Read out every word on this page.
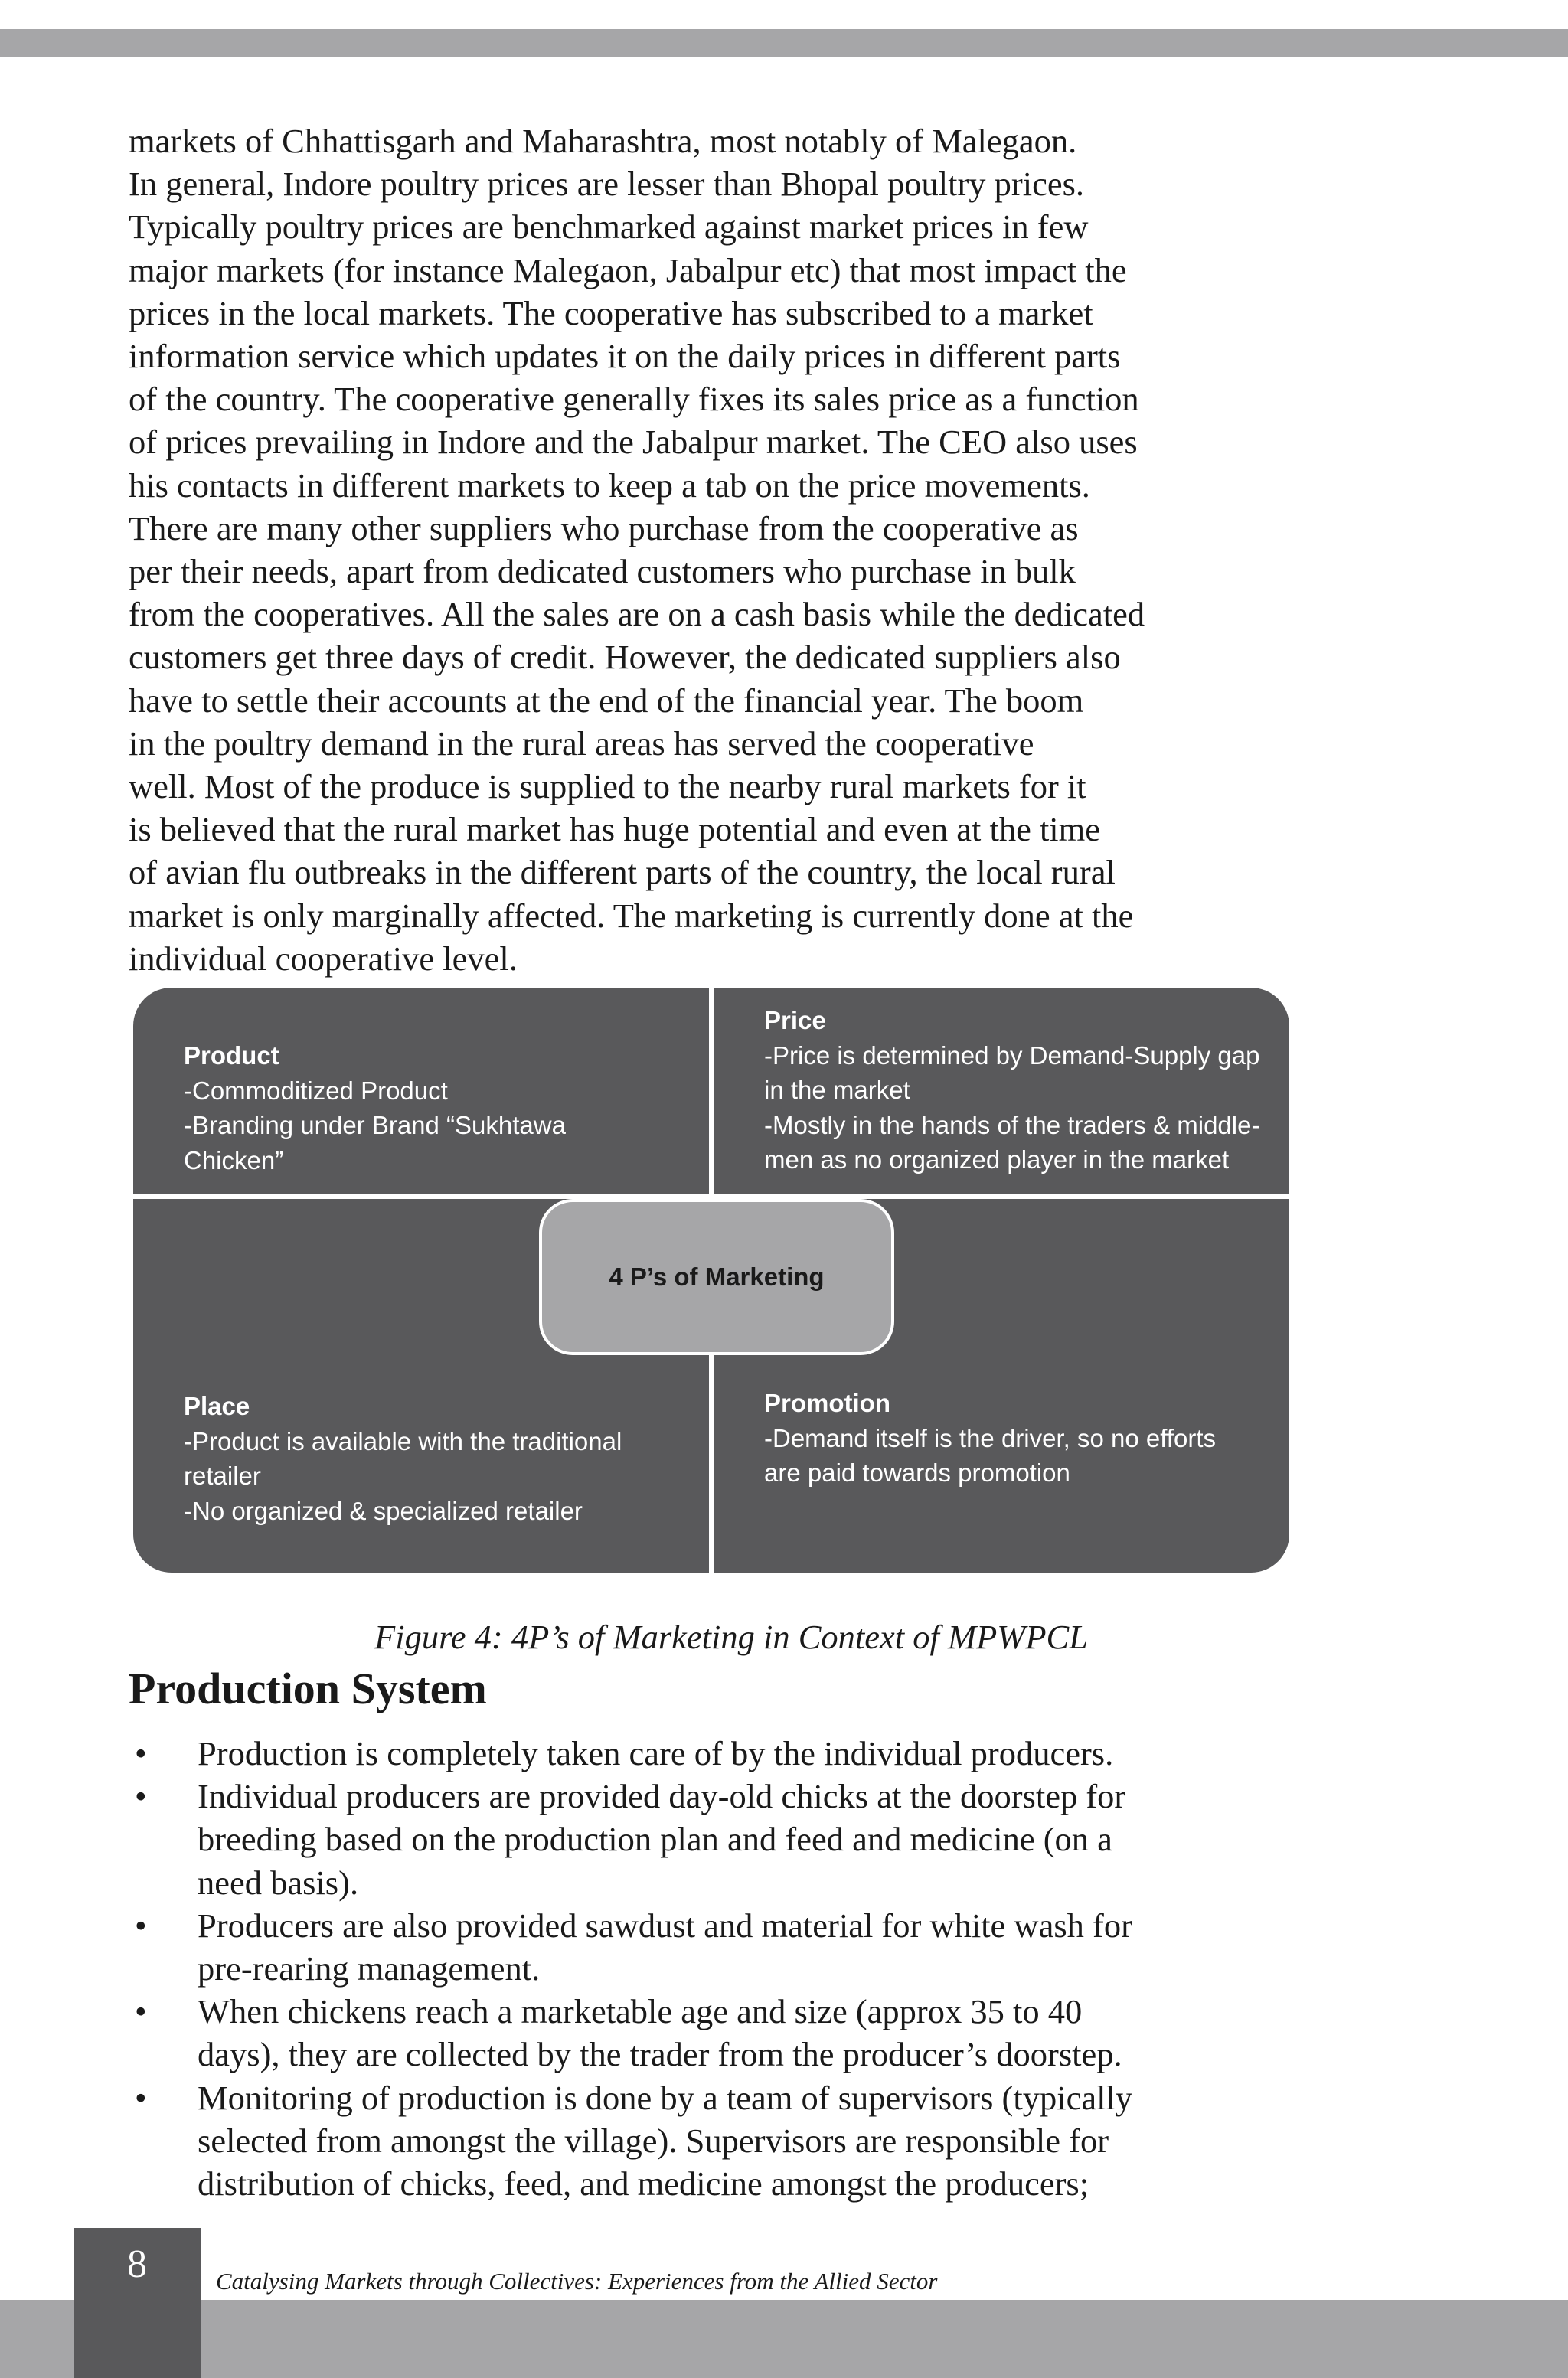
markets of Chhattisgarh and Maharashtra, most notably of Malegaon.
In general, Indore poultry prices are lesser than Bhopal poultry prices.
Typically poultry prices are benchmarked against market prices in few
major markets (for instance Malegaon, Jabalpur etc) that most impact the
prices in the local markets. The cooperative has subscribed to a market
information service which updates it on the daily prices in different parts
of the country. The cooperative generally fixes its sales price as a function
of prices prevailing in Indore and the Jabalpur market. The CEO also uses
his contacts in different markets to keep a tab on the price movements.
There are many other suppliers who purchase from the cooperative as
per their needs, apart from dedicated customers who purchase in bulk
from the cooperatives. All the sales are on a cash basis while the dedicated
customers get three days of credit. However, the dedicated suppliers also
have to settle their accounts at the end of the financial year. The boom
in the poultry demand in the rural areas has served the cooperative
well. Most of the produce is supplied to the nearby rural markets for it
is believed that the rural market has huge potential and even at the time
of avian flu outbreaks in the different parts of the country, the local rural
market is only marginally affected. The marketing is currently done at the
individual cooperative level.
Product
-Commoditized Product
-Branding under Brand “Sukhtawa
Chicken”
Price
-Price is determined by Demand-Supply gap
in the market
-Mostly in the hands of the traders & middle-
men as no organized player in the market
Place
-Product is available with the traditional
retailer
-No organized & specialized retailer
Promotion
-Demand itself is the driver, so no efforts
are paid towards promotion
4 P’s of Marketing
Figure 4: 4P’s of Marketing in Context of MPWPCL
Production System
• Production is completely taken care of by the individual producers.
• Individual producers are provided day-old chicks at the doorstep for
breeding based on the production plan and feed and medicine (on a
need basis).
• Producers are also provided sawdust and material for white wash for
pre-rearing management.
• When chickens reach a marketable age and size (approx 35 to 40
days), they are collected by the trader from the producer’s doorstep.
• Monitoring of production is done by a team of supervisors (typically
selected from amongst the village). Supervisors are responsible for
distribution of chicks, feed, and medicine amongst the producers;
8	Catalysing Markets through Collectives: Experiences from the Allied Sector
